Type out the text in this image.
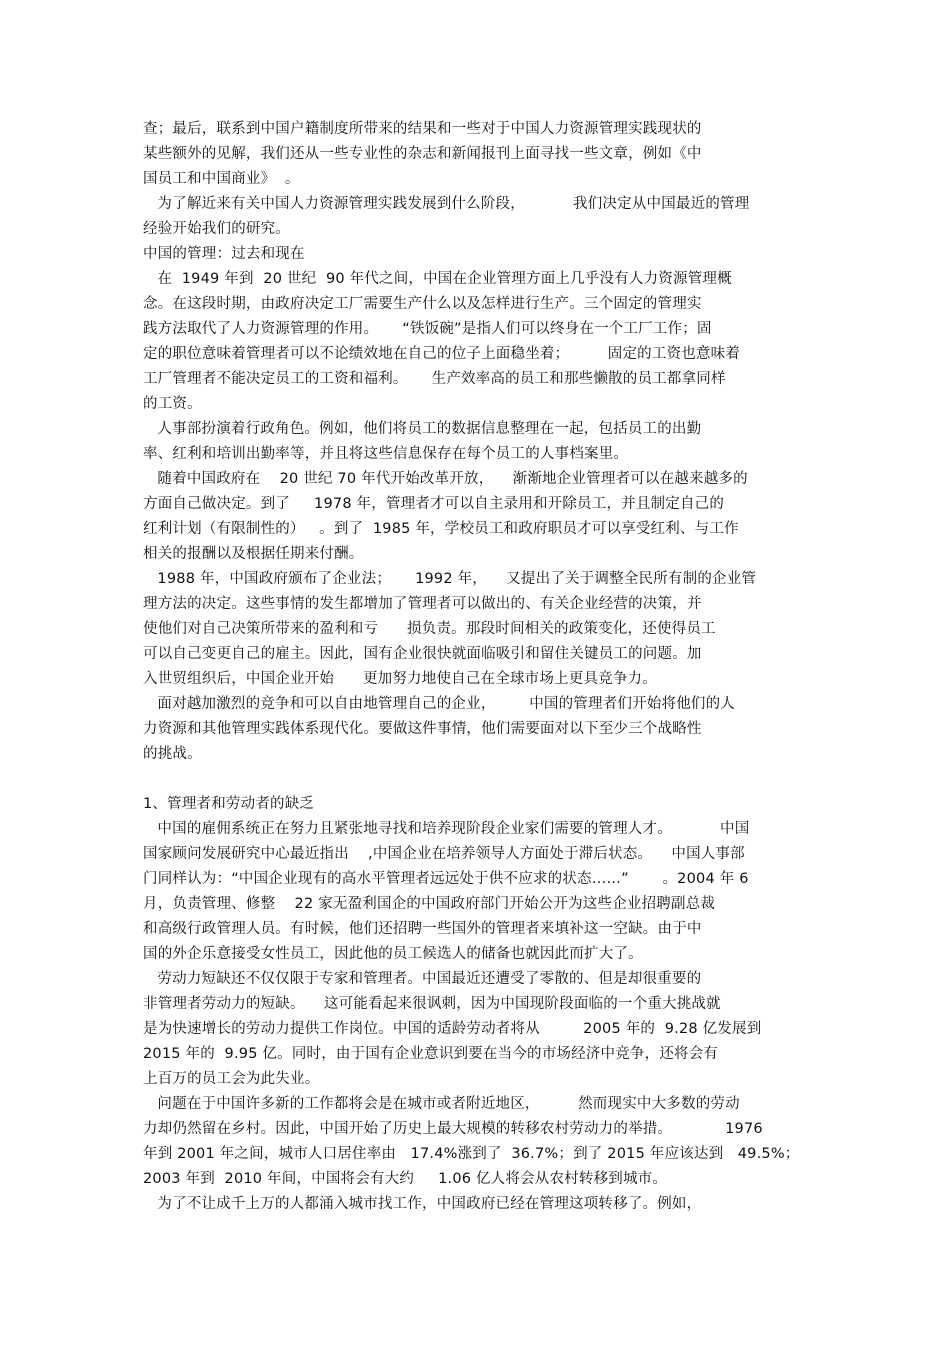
查；最后，联系到中国户籍制度所带来的结果和一些对于中国人力资源管理实践现状的
某些额外的见解，我们还从一些专业性的杂志和新闻报刊上面寻找一些文章，例如《中
国员工和中国商业》  。
为了解近来有关中国人力资源管理实践发展到什么阶段，          我们决定从中国最近的管理
经验开始我们的研究。
中国的管理：过去和现在
在  1949 年到  20 世纪  90 年代之间，中国在企业管理方面上几乎没有人力资源管理概
念。在这段时期，由政府决定工厂需要生产什么以及怎样进行生产。三个固定的管理实
践方法取代了人力资源管理的作用。     “铁饭碗”是指人们可以终身在一个工厂工作；固
定的职位意味着管理者可以不论绩效地在自己的位子上面稳坐着；        固定的工资也意味着
工厂管理者不能决定员工的工资和福利。     生产效率高的员工和那些懒散的员工都拿同样
的工资。
人事部扮演着行政角色。例如，他们将员工的数据信息整理在一起，包括员工的出勤
率、红利和培训出勤率等，并且将这些信息保存在每个员工的人事档案里。
随着中国政府在    20 世纪 70 年代开始改革开放，    渐渐地企业管理者可以在越来越多的
方面自己做决定。到了     1978 年，管理者才可以自主录用和开除员工，并且制定自己的
红利计划（有限制性的）   。到了  1985 年，学校员工和政府职员才可以享受红利、与工作
相关的报酬以及根据任期来付酬。
1988 年，中国政府颁布了企业法；     1992 年，    又提出了关于调整全民所有制的企业管
理方法的决定。这些事情的发生都增加了管理者可以做出的、有关企业经营的决策，并
使他们对自己决策所带来的盈利和亏      损负责。那段时间相关的政策变化，还使得员工
可以自己变更自己的雇主。因此，国有企业很快就面临吸引和留住关键员工的问题。加
入世贸组织后，中国企业开始      更加努力地使自己在全球市场上更具竞争力。
面对越加激烈的竞争和可以自由地管理自己的企业，       中国的管理者们开始将他们的人
力资源和其他管理实践体系现代化。要做这件事情，他们需要面对以下至少三个战略性
的挑战。
1、管理者和劳动者的缺乏
中国的雇佣系统正在努力且紧张地寻找和培养现阶段企业家们需要的管理人才。          中国
国家顾问发展研究中心最近指出    ,中国企业在培养领导人方面处于滞后状态。    中国人事部
门同样认为：“中国企业现有的高水平管理者远远处于供不应求的状态……”       。2004 年 6
月，负责管理、修整    22 家无盈利国企的中国政府部门开始公开为这些企业招聘副总裁
和高级行政管理人员。有时候，他们还招聘一些国外的管理者来填补这一空缺。由于中
国的外企乐意接受女性员工，因此他的员工候选人的储备也就因此而扩大了。
劳动力短缺还不仅仅限于专家和管理者。中国最近还遭受了零散的、但是却很重要的
非管理者劳动力的短缺。    这可能看起来很讽刺，因为中国现阶段面临的一个重大挑战就
是为快速增长的劳动力提供工作岗位。中国的适龄劳动者将从         2005 年的  9.28 亿发展到
2015 年的  9.95 亿。同时，由于国有企业意识到要在当今的市场经济中竞争，还将会有
上百万的员工会为此失业。
问题在于中国许多新的工作都将会是在城市或者附近地区，        然而现实中大多数的劳动
力却仍然留在乡村。因此，中国开始了历史上最大规模的转移农村劳动力的举措。           1976
年到 2001 年之间，城市人口居住率由   17.4%涨到了  36.7%；到了 2015 年应该达到   49.5%；
2003 年到  2010 年间，中国将会有大约     1.06 亿人将会从农村转移到城市。
为了不让成千上万的人都涌入城市找工作，中国政府已经在管理这项转移了。例如，
